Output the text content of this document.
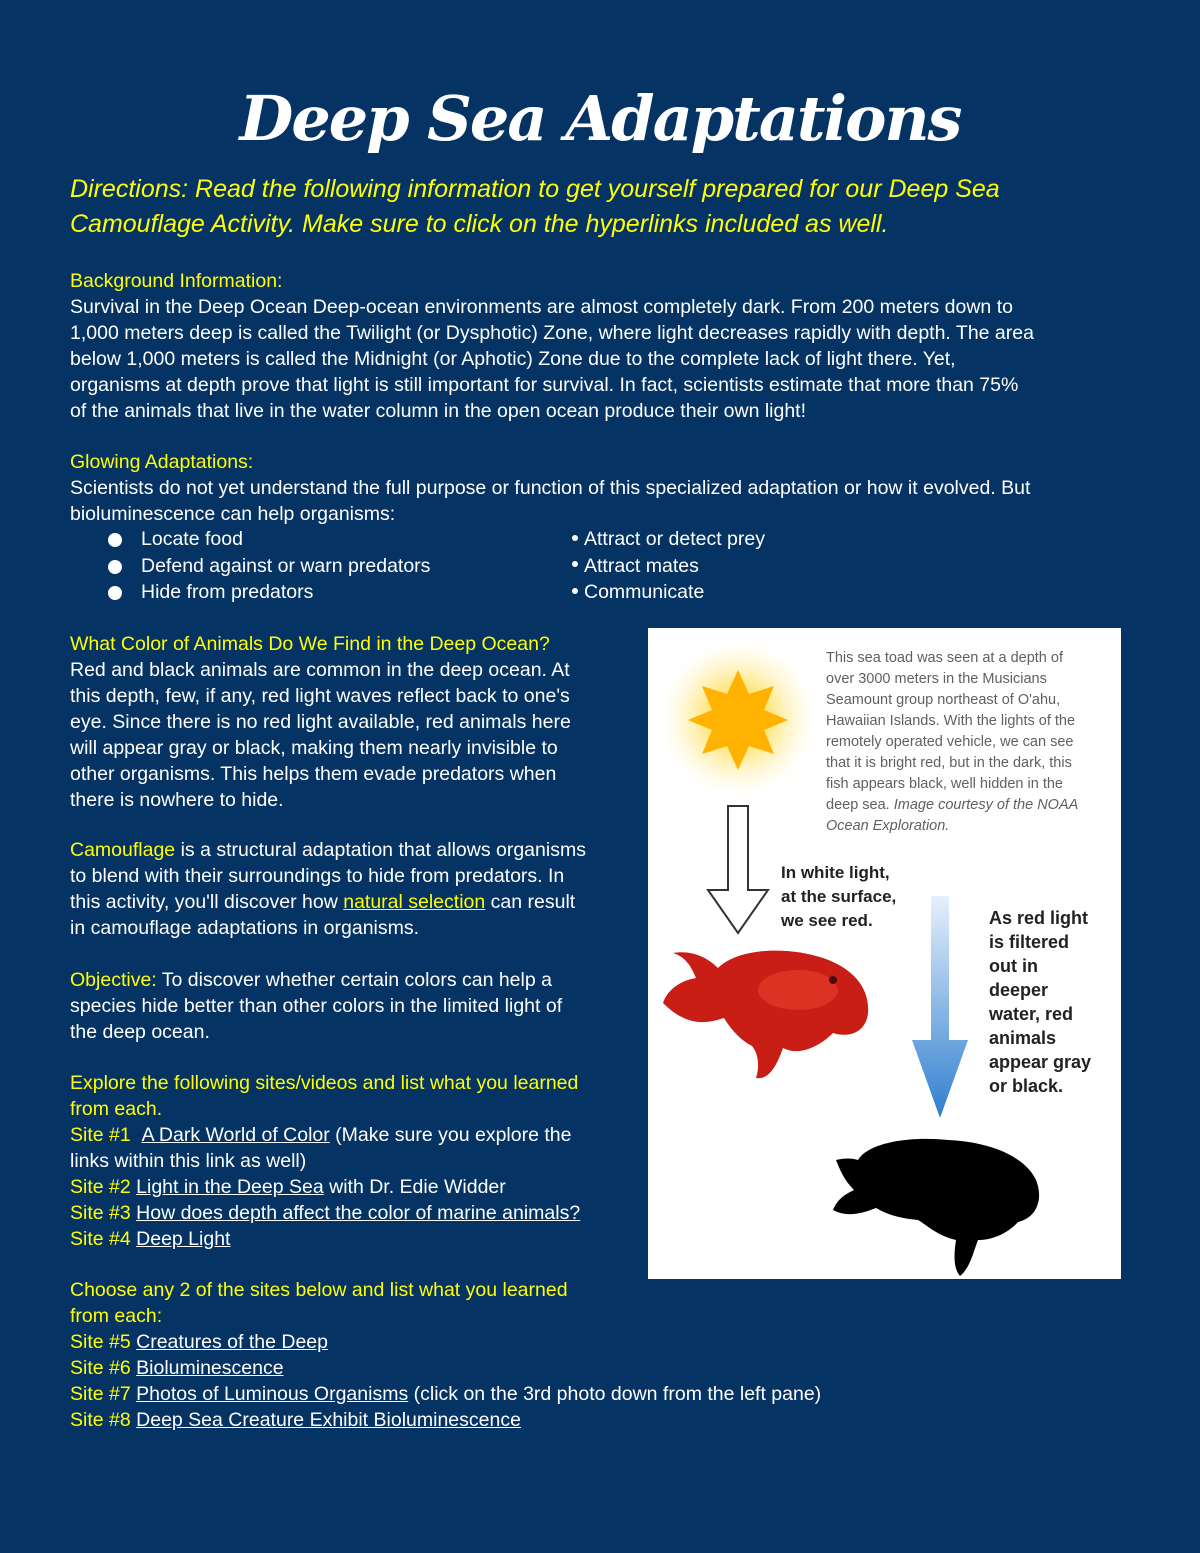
Deep Sea Adaptations
Directions: Read the following information to get yourself prepared for our Deep Sea
Camouflage Activity. Make sure to click on the hyperlinks included as well.
Background Information:
Survival in the Deep Ocean Deep-ocean environments are almost completely dark. From 200 meters down to
1,000 meters deep is called the Twilight (or Dysphotic) Zone, where light decreases rapidly with depth. The area
below 1,000 meters is called the Midnight (or Aphotic) Zone due to the complete lack of light there. Yet,
organisms at depth prove that light is still important for survival. In fact, scientists estimate that more than 75%
of the animals that live in the water column in the open ocean produce their own light!
Glowing Adaptations:
Scientists do not yet understand the full purpose or function of this specialized adaptation or how it evolved. But
bioluminescence can help organisms:
Locate food
Defend against or warn predators
Hide from predators
Attract or detect prey
Attract mates
Communicate
What Color of Animals Do We Find in the Deep Ocean?
Red and black animals are common in the deep ocean. At
this depth, few, if any, red light waves reflect back to one's
eye. Since there is no red light available, red animals here
will appear gray or black, making them nearly invisible to
other organisms. This helps them evade predators when
there is nowhere to hide.
Camouflage is a structural adaptation that allows organisms
to blend with their surroundings to hide from predators. In
this activity, you'll discover how natural selection can result
in camouflage adaptations in organisms.
Objective: To discover whether certain colors can help a
species hide better than other colors in the limited light of
the deep ocean.
Explore the following sites/videos and list what you learned
from each.
Site #1 A Dark World of Color (Make sure you explore the
links within this link as well)
Site #2 Light in the Deep Sea with Dr. Edie Widder
Site #3 How does depth affect the color of marine animals?
Site #4 Deep Light
Choose any 2 of the sites below and list what you learned
from each:
Site #5 Creatures of the Deep
Site #6 Bioluminescence
Site #7 Photos of Luminous Organisms (click on the 3rd photo down from the left pane)
Site #8 Deep Sea Creature Exhibit Bioluminescence
This sea toad was seen at a depth of
over 3000 meters in the Musicians
Seamount group northeast of O'ahu,
Hawaiian Islands. With the lights of the
remotely operated vehicle, we can see
that it is bright red, but in the dark, this
fish appears black, well hidden in the
deep sea. Image courtesy of the NOAA
Ocean Exploration.
In white light,
at the surface,
we see red.	As red light
is filtered
out in
deeper
water, red
animals
appear gray
or black.
